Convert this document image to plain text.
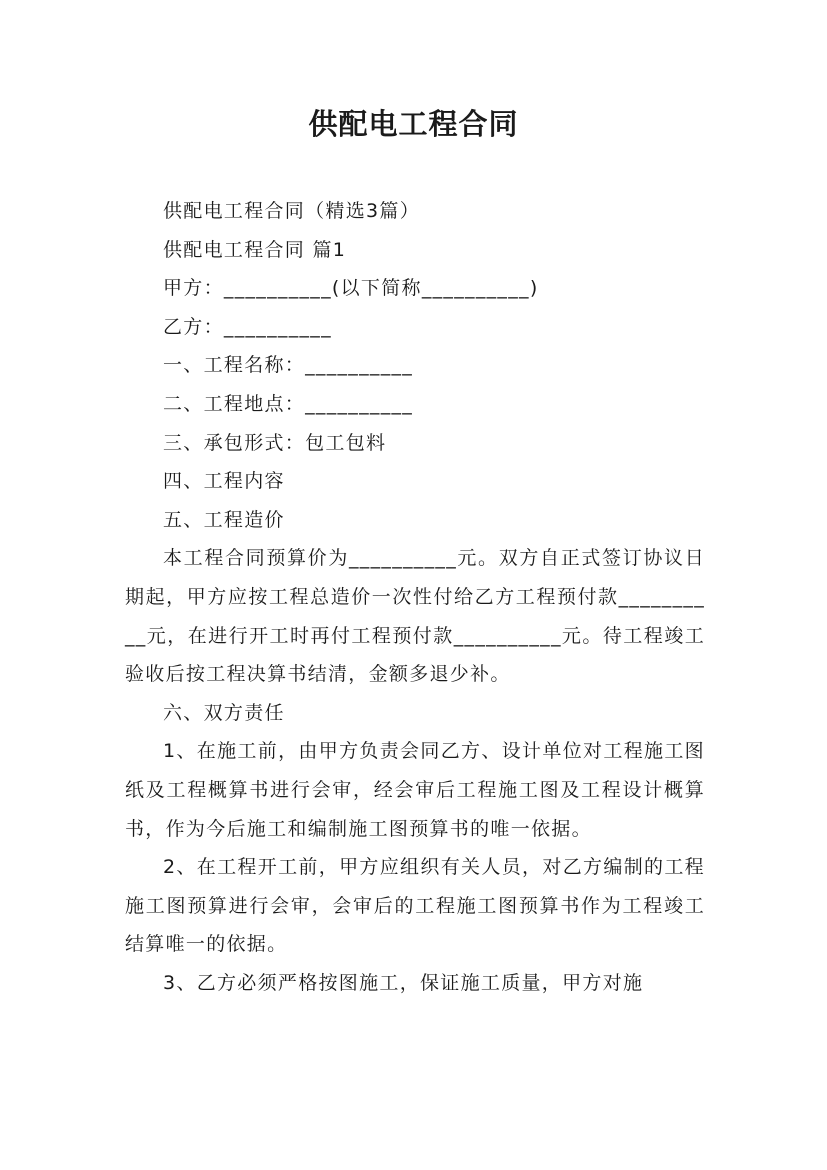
供配电工程合同

供配电工程合同（精选3篇）

供配电工程合同 篇1

甲方：__________(以下简称__________)

乙方：__________

一、工程名称：__________

二、工程地点：__________

三、承包形式：包工包料

四、工程内容

五、工程造价

本工程合同预算价为__________元。双方自正式签订协议日期起，甲方应按工程总造价一次性付给乙方工程预付款__________元，在进行开工时再付工程预付款__________元。待工程竣工验收后按工程决算书结清，金额多退少补。

六、双方责任

1、在施工前，由甲方负责会同乙方、设计单位对工程施工图纸及工程概算书进行会审，经会审后工程施工图及工程设计概算书，作为今后施工和编制施工图预算书的唯一依据。

2、在工程开工前，甲方应组织有关人员，对乙方编制的工程施工图预算进行会审，会审后的工程施工图预算书作为工程竣工结算唯一的依据。

3、乙方必须严格按图施工，保证施工质量，甲方对施
